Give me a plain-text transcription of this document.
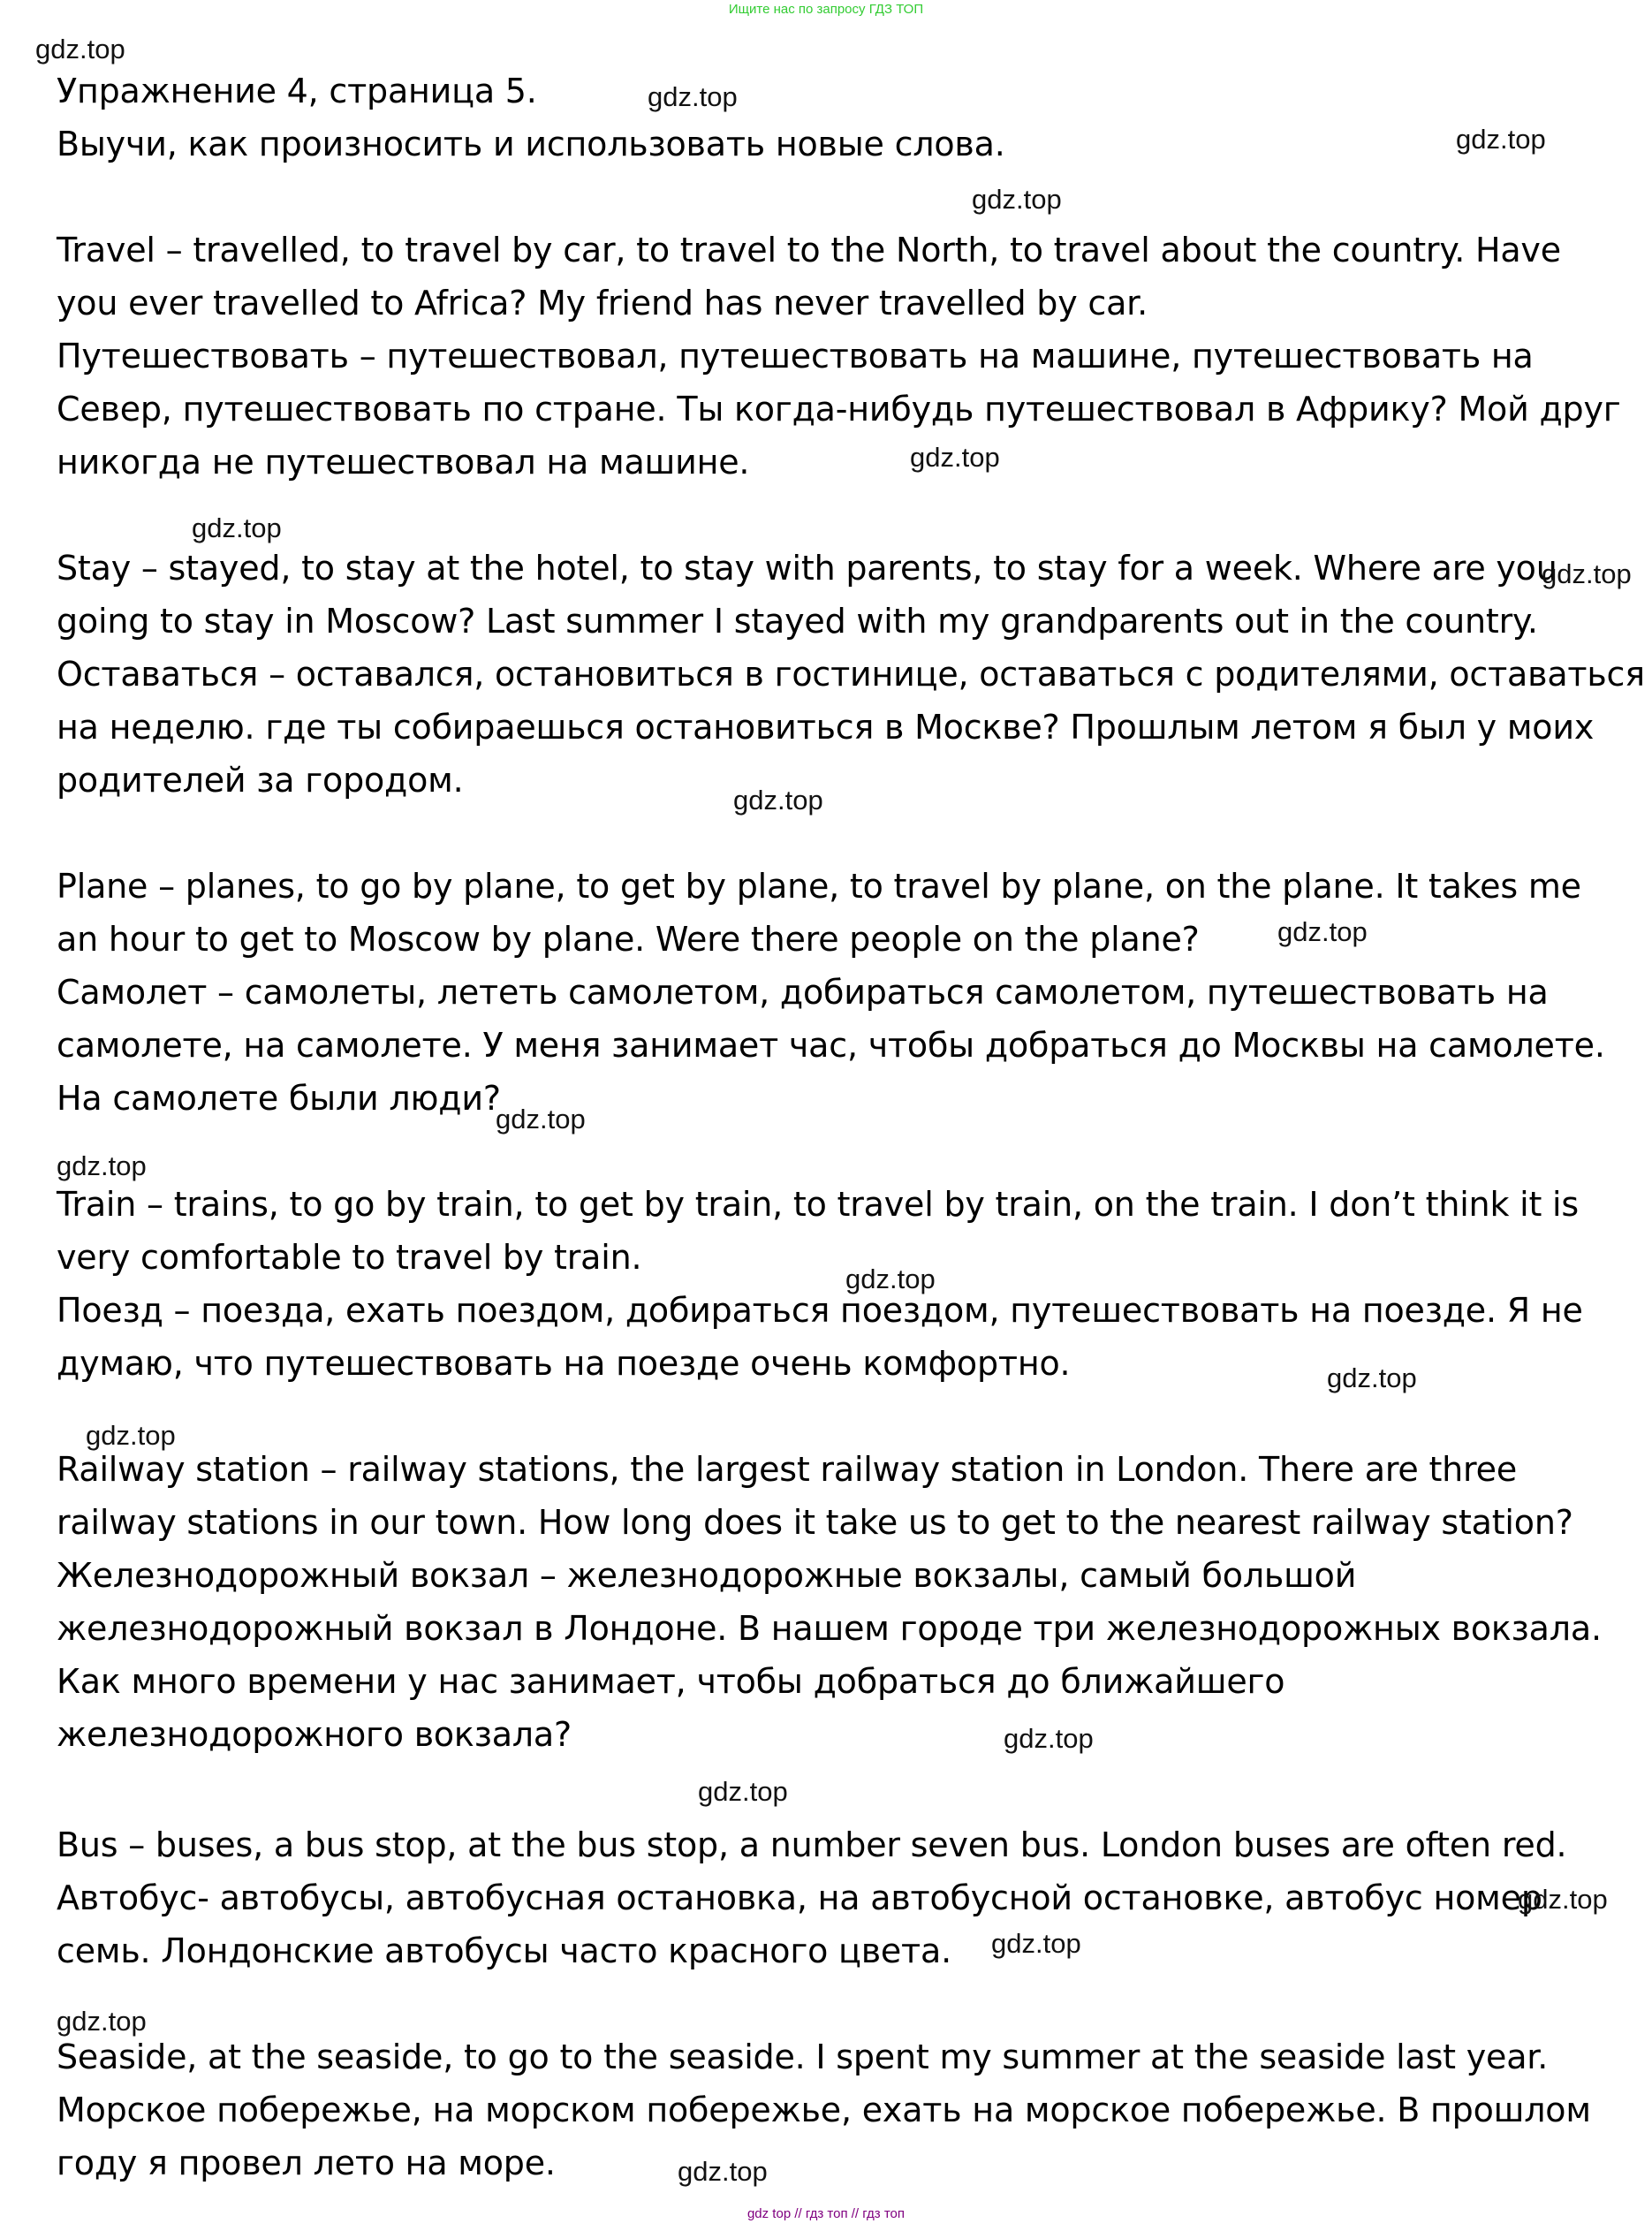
Ищите нас по запросу ГДЗ ТОП
Упражнение 4, страница 5.
Выучи, как произносить и использовать новые слова.
Travel – travelled, to travel by car, to travel to the North, to travel about the country. Have
you ever travelled to Africa? My friend has never travelled by car.
Путешествовать – путешествовал, путешествовать на машине, путешествовать на
Север, путешествовать по стране. Ты когда-нибудь путешествовал в Африку? Мой друг
никогда не путешествовал на машине.
Stay – stayed, to stay at the hotel, to stay with parents, to stay for a week. Where are you
going to stay in Moscow? Last summer I stayed with my grandparents out in the country.
Оставаться – оставался, остановиться в гостинице, оставаться с родителями, оставаться
на неделю. где ты собираешься остановиться в Москве? Прошлым летом я был у моих
родителей за городом.
Plane – planes, to go by plane, to get by plane, to travel by plane, on the plane. It takes me
an hour to get to Moscow by plane. Were there people on the plane?
Самолет – самолеты, лететь самолетом, добираться самолетом, путешествовать на
самолете, на самолете. У меня занимает час, чтобы добраться до Москвы на самолете.
На самолете были люди?
Train – trains, to go by train, to get by train, to travel by train, on the train. I don’t think it is
very comfortable to travel by train.
Поезд – поезда, ехать поездом, добираться поездом, путешествовать на поезде. Я не
думаю, что путешествовать на поезде очень комфортно.
Railway station – railway stations, the largest railway station in London. There are three
railway stations in our town. How long does it take us to get to the nearest railway station?
Железнодорожный вокзал – железнодорожные вокзалы, самый большой
железнодорожный вокзал в Лондоне. В нашем городе три железнодорожных вокзала.
Как много времени у нас занимает, чтобы добраться до ближайшего
железнодорожного вокзала?
Bus – buses, a bus stop, at the bus stop, a number seven bus. London buses are often red.
Автобус- автобусы, автобусная остановка, на автобусной остановке, автобус номер
семь. Лондонские автобусы часто красного цвета.
Seaside, at the seaside, to go to the seaside. I spent my summer at the seaside last year.
Морское побережье, на морском побережье, ехать на морское побережье. В прошлом
году я провел лето на море.
gdz.top
gdz.top
gdz.top
gdz.top
gdz.top
gdz.top
gdz.top
gdz.top
gdz.top
gdz.top
gdz.top
gdz.top
gdz.top
gdz.top
gdz.top
gdz.top
gdz.top
gdz.top
gdz.top
gdz.top
gdz top // гдз топ // гдз топ
